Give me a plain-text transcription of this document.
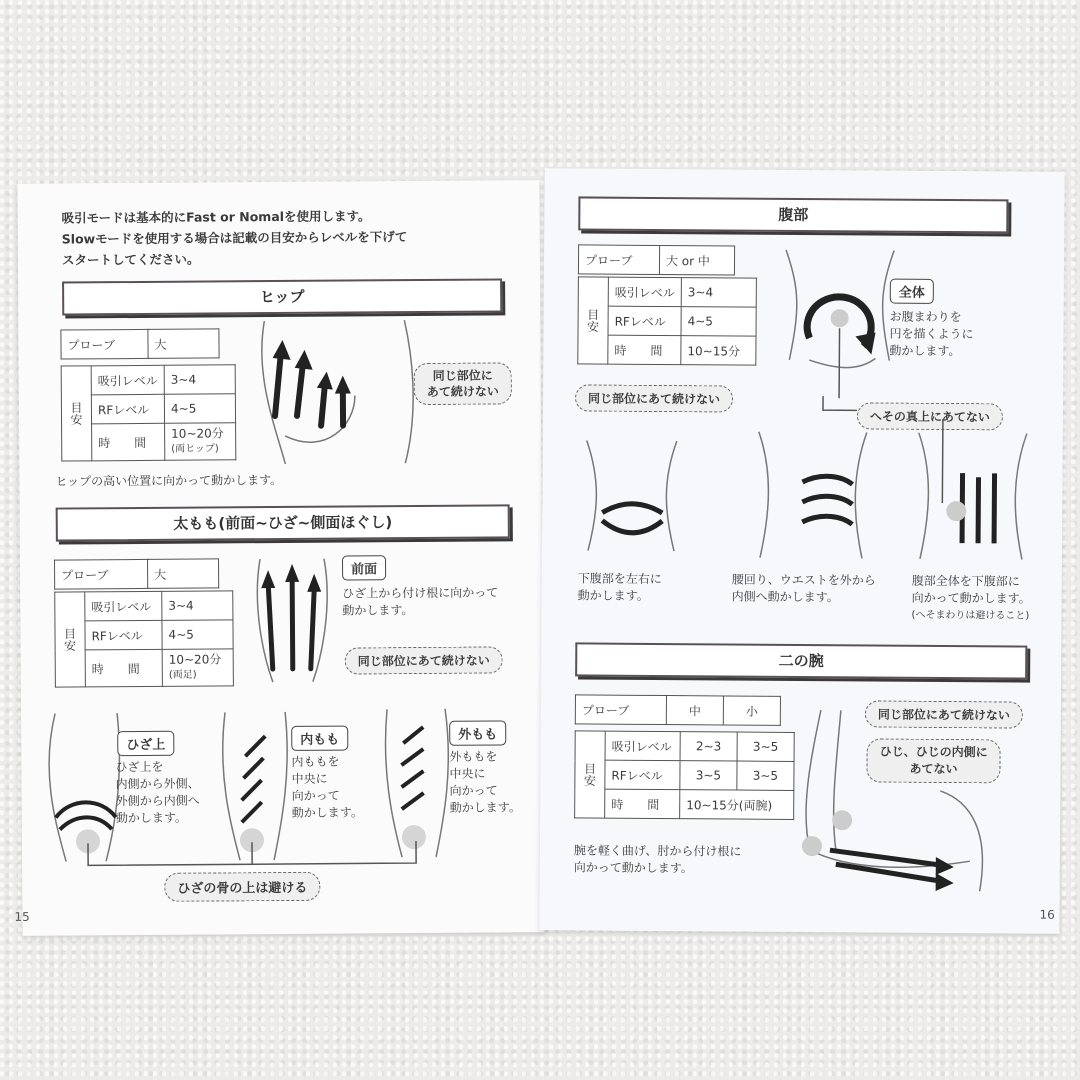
吸引モードは基本的にFast or Nomalを使用します。
Slowモードを使用する場合は記載の目安からレベルを下げて
スタートしてください。
ヒップ
プローブ	大
目安	吸引レベル	3~4
	RFレベル	4~5
	時　　間	10~20分
(両ヒップ)
同じ部位に
あて続けない
ヒップの高い位置に向かって動かします。
太もも(前面~ひざ~側面ほぐし)
プローブ	大
目安	吸引レベル	3~4
	RFレベル	4~5
	時　　間	10~20分
(両足)
前面
ひざ上から付け根に向かって
動かします。
同じ部位にあて続けない
ひざ上
ひざ上を
内側から外側、
外側から内側へ
動かします。
内もも
内ももを
中央に
向かって
動かします。
外もも
外ももを
中央に
向かって
動かします。
ひざの骨の上は避ける
15
腹部
プローブ	大 or 中
目安	吸引レベル	3~4
	RFレベル	4~5
	時　　間	10~15分
全体
お腹まわりを
円を描くように
動かします。
同じ部位にあて続けない
へその真上にあてない
下腹部を左右に
動かします。
腰回り、ウエストを外から
内側へ動かします。
腹部全体を下腹部に
向かって動かします。
(へそまわりは避けること)
二の腕
プローブ	中	小
目安	吸引レベル	2~3	3~5
	RFレベル	3~5	3~5
	時　　間	10~15分(両腕)	
同じ部位にあて続けない
ひじ、ひじの内側に
あてない
腕を軽く曲げ、肘から付け根に
向かって動かします。
16
